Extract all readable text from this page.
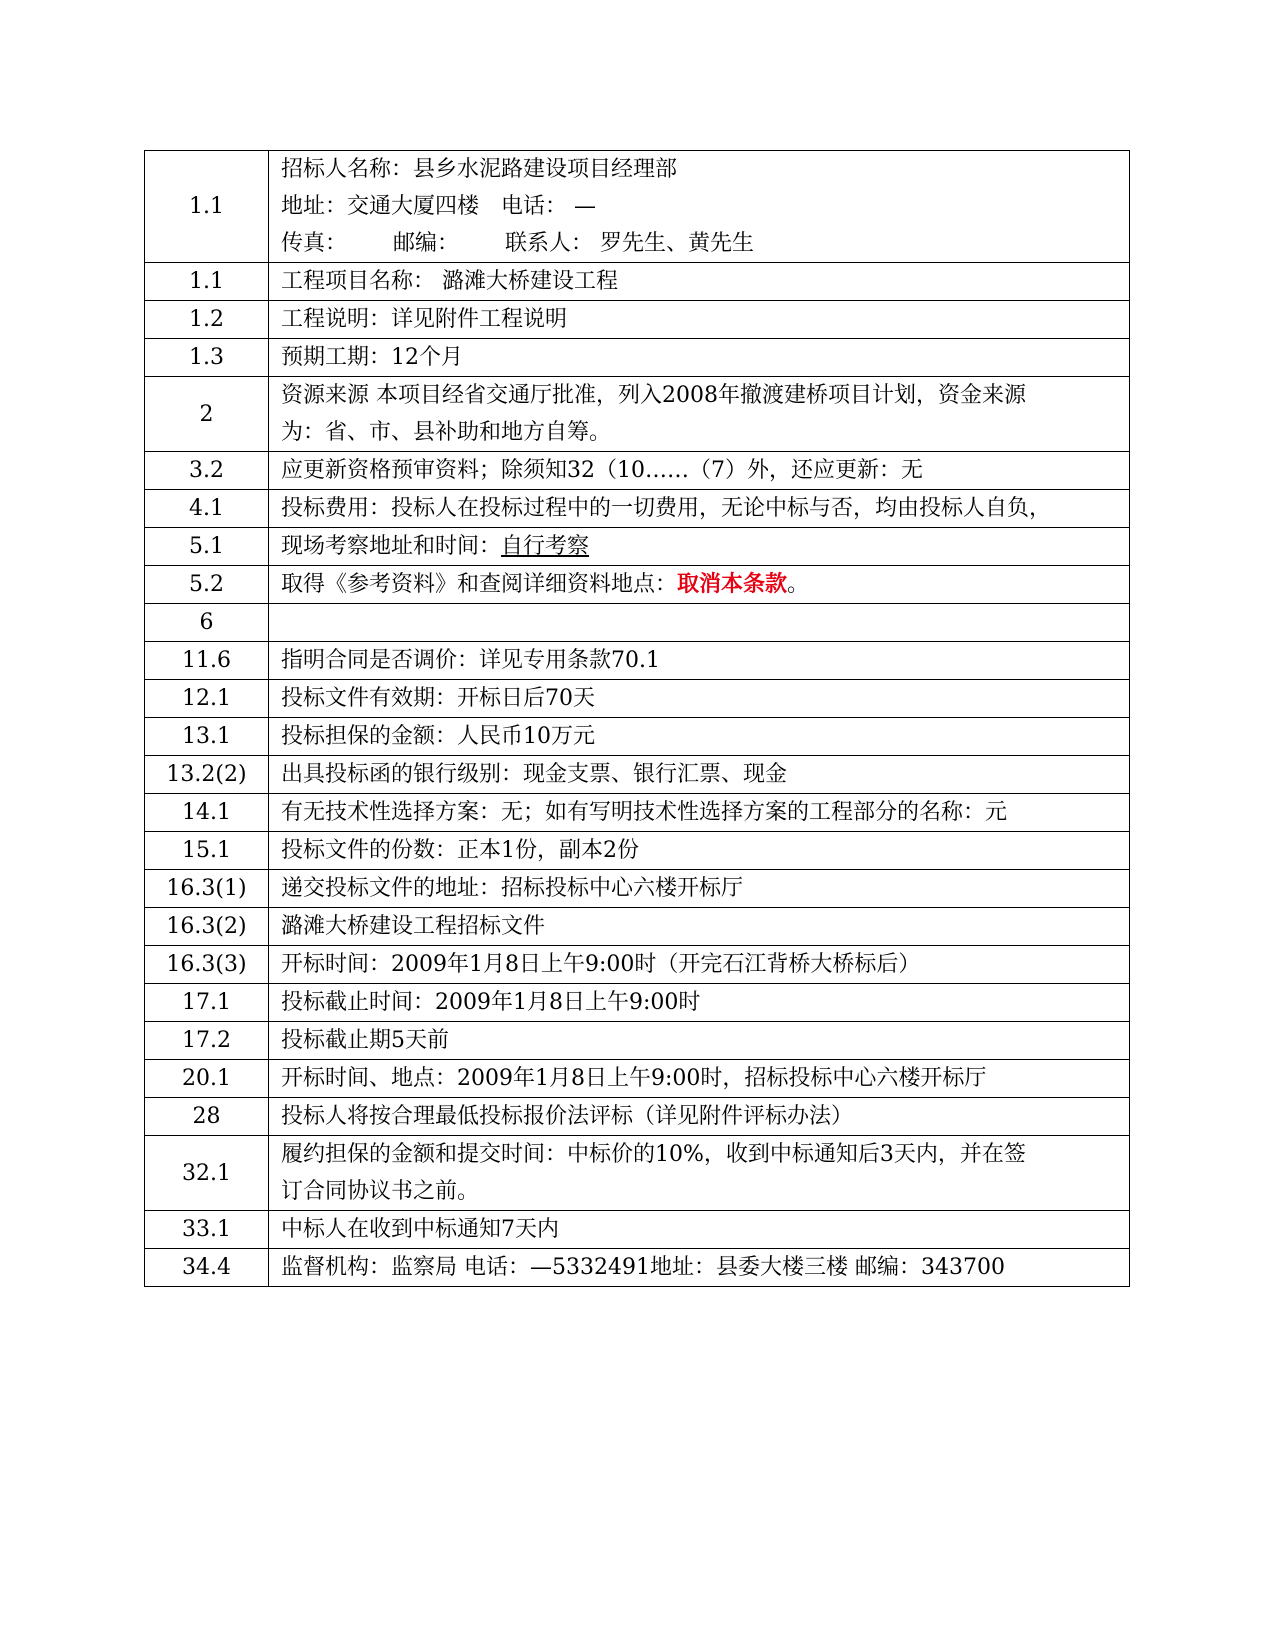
1.1	招标人名称：县乡水泥路建设项目经理部
地址：交通大厦四楼 电话： —
传真： 邮编： 联系人： 罗先生、黄先生

1.1	工程项目名称： 潞滩大桥建设工程
1.2	工程说明：详见附件工程说明
1.3	预期工期：12个月
2	资源来源 本项目经省交通厅批准，列入2008年撤渡建桥项目计划，资金来源
为：省、市、县补助和地方自筹。

3.2	应更新资格预审资料；除须知32（10……（7）外，还应更新：无
4.1	投标费用：投标人在投标过程中的一切费用，无论中标与否，均由投标人自负，
5.1	现场考察地址和时间：自行考察
5.2	取得《参考资料》和查阅详细资料地点：取消本条款。
6	
11.6	指明合同是否调价：详见专用条款70.1
12.1	投标文件有效期：开标日后70天
13.1	投标担保的金额：人民币10万元
13.2(2)	出具投标函的银行级别：现金支票、银行汇票、现金
14.1	有无技术性选择方案：无；如有写明技术性选择方案的工程部分的名称：元
15.1	投标文件的份数：正本1份，副本2份
16.3(1)	递交投标文件的地址：招标投标中心六楼开标厅
16.3(2)	潞滩大桥建设工程招标文件
16.3(3)	开标时间：2009年1月8日上午9:00时（开完石江背桥大桥标后）
17.1	投标截止时间：2009年1月8日上午9:00时
17.2	投标截止期5天前
20.1	开标时间、地点：2009年1月8日上午9:00时，招标投标中心六楼开标厅
28	投标人将按合理最低投标报价法评标（详见附件评标办法）
32.1	履约担保的金额和提交时间：中标价的10%，收到中标通知后3天内，并在签
订合同协议书之前。

33.1	中标人在收到中标通知7天内
34.4	监督机构：监察局 电话：—5332491地址：县委大楼三楼 邮编：343700
